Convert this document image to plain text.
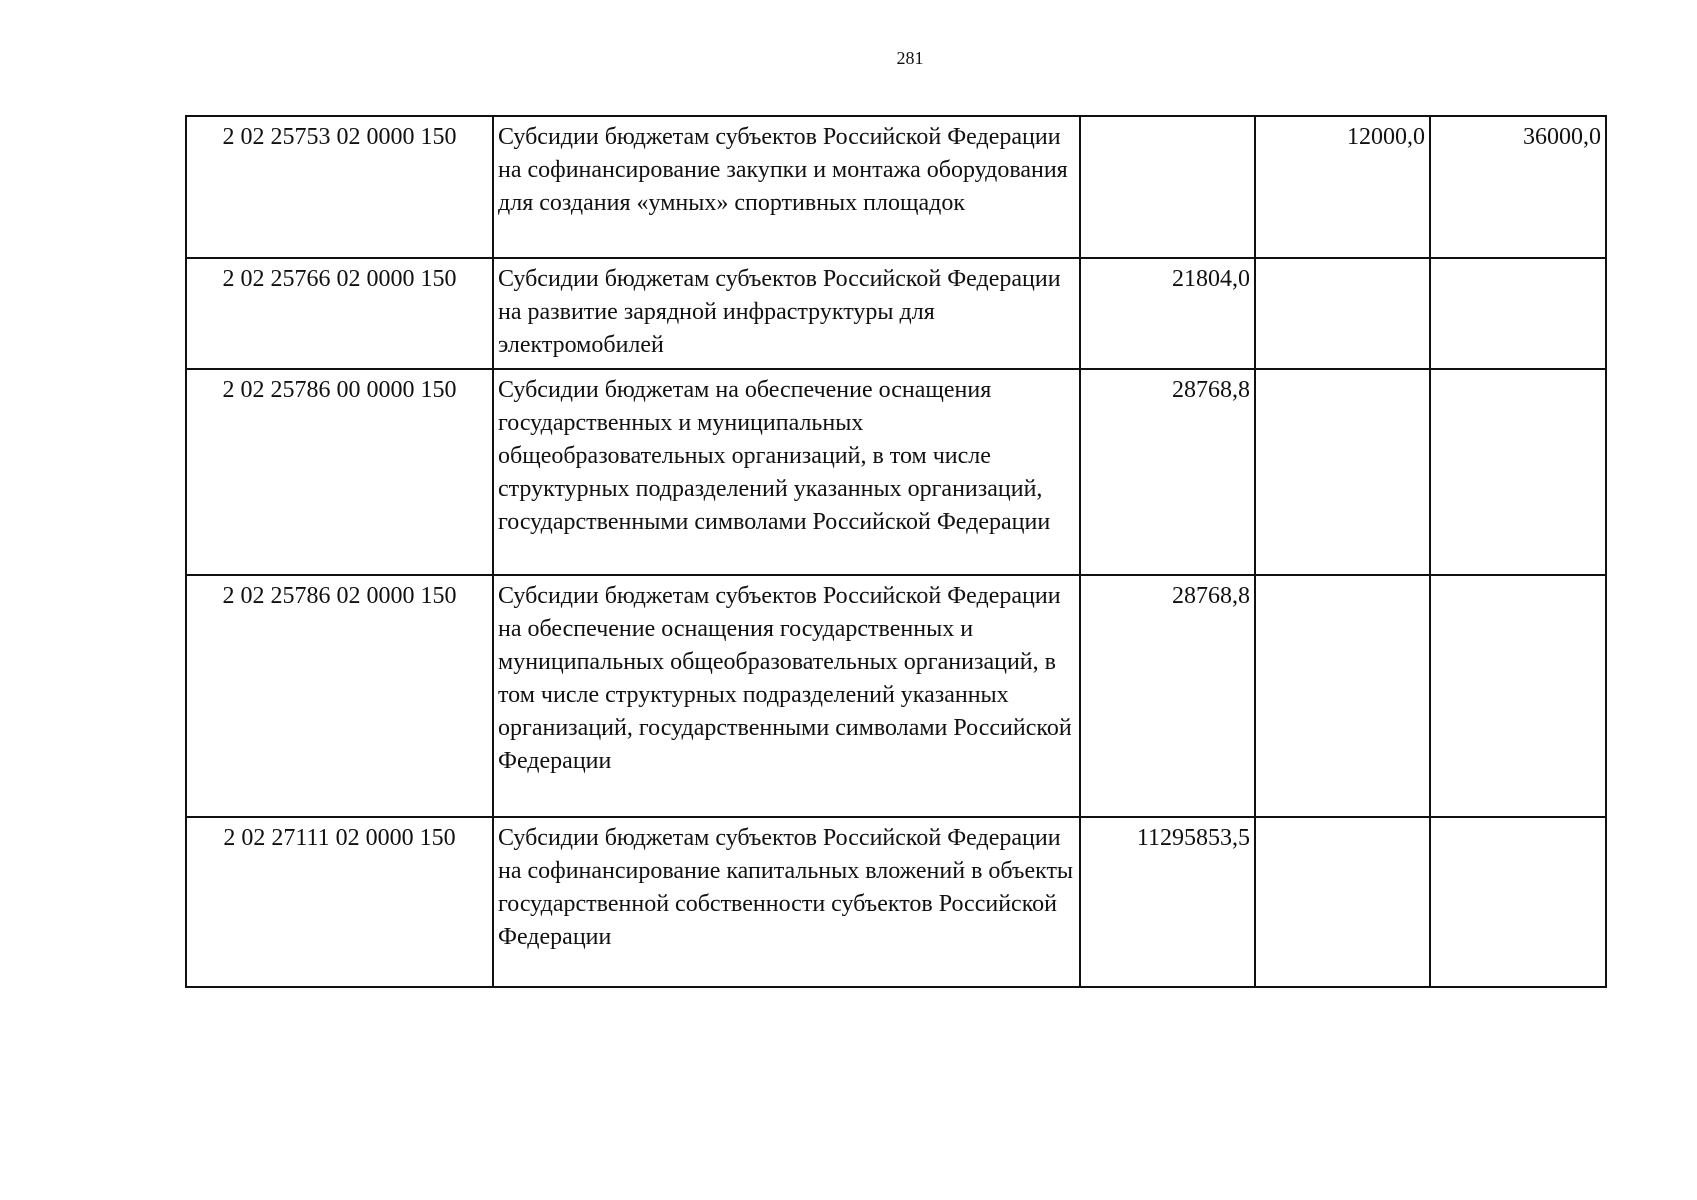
281
2 02 25753 02 0000 150	Субсидии бюджетам субъектов Российской Федерации на софинансирование закупки и монтажа оборудования для создания «умных» спортивных площадок		12000,0	36000,0
2 02 25766 02 0000 150	Субсидии бюджетам субъектов Российской Федерации на развитие зарядной инфраструктуры для электромобилей	21804,0		
2 02 25786 00 0000 150	Субсидии бюджетам на обеспечение оснащения государственных и муниципальных общеобразовательных организаций, в том числе структурных подразделений указанных организаций, государственными символами Российской Федерации	28768,8		
2 02 25786 02 0000 150	Субсидии бюджетам субъектов Российской Федерации на обеспечение оснащения государственных и муниципальных общеобразовательных организаций, в том числе структурных подразделений указанных организаций, государственными символами Российской Федерации	28768,8		
2 02 27111 02 0000 150	Субсидии бюджетам субъектов Российской Федерации на софинансирование капитальных вложений в объекты государственной собственности субъектов Российской Федерации	11295853,5		
